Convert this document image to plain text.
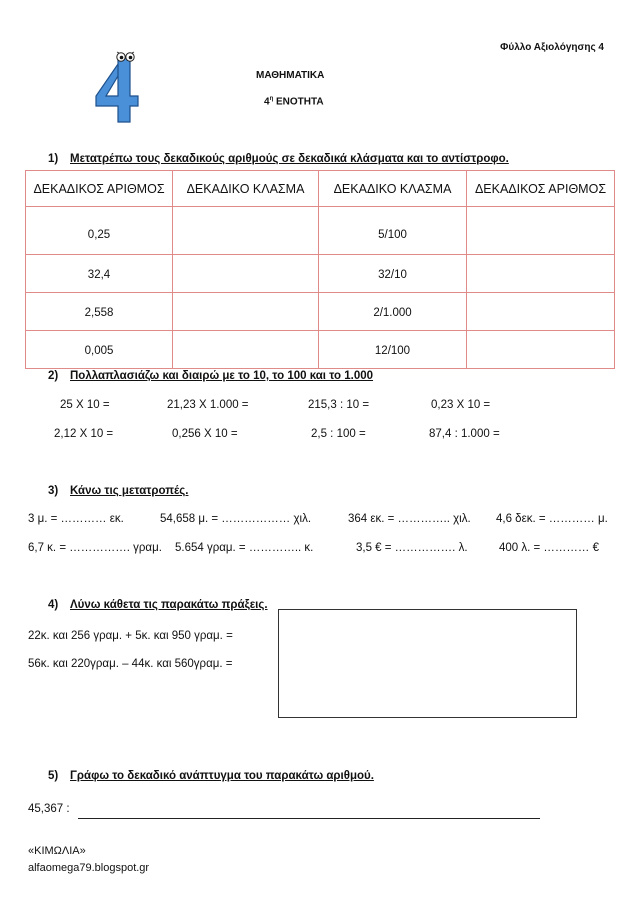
Φύλλο Αξιολόγησης 4
ΜΑΘΗΜΑΤΙΚΑ
$4^\eta$ ΕΝΟΤΗΤΑ
1) Μετατρέπω τους δεκαδικούς αριθμούς σε δεκαδικά κλάσματα και το αντίστροφο.
ΔΕΚΑΔΙΚΟΣ ΑΡΙΘΜΟΣ	ΔΕΚΑΔΙΚΟ ΚΛΑΣΜΑ	ΔΕΚΑΔΙΚΟ ΚΛΑΣΜΑ	ΔΕΚΑΔΙΚΟΣ ΑΡΙΘΜΟΣ
0,25		5/100	
32,4		32/10	
2,558		2/1.000	
0,005		12/100	
2) Πολλαπλασιάζω και διαιρώ με το 10, το 100 και το 1.000
25 Χ 10 =	21,23 Χ 1.000 =	215,3 : 10 =	0,23 Χ 10 =
2,12 Χ 10 =	0,256 Χ 10 =	2,5 : 100 =	87,4 : 1.000 =
3) Κάνω τις μετατροπές.
3 μ. = ………… εκ.	54,658 μ. = ……………… χιλ.	364 εκ. = ………….. χιλ. 4,6 δεκ. = ………… μ.
6,7 κ. = ……………. γραμ. 5.654 γραμ. = ………….. κ.	3,5 € = ……………. λ.	400 λ. = ………… €
4) Λύνω κάθετα τις παρακάτω πράξεις.
22κ. και 256 γραμ. + 5κ. και 950 γραμ. =
56κ. και 220γραμ. – 44κ. και 560γραμ. =
5) Γράφω το δεκαδικό ανάπτυγμα του παρακάτω αριθμού.
45,367 :
«ΚΙΜΩΛΙΑ»
alfaomega79.blogspot.gr
